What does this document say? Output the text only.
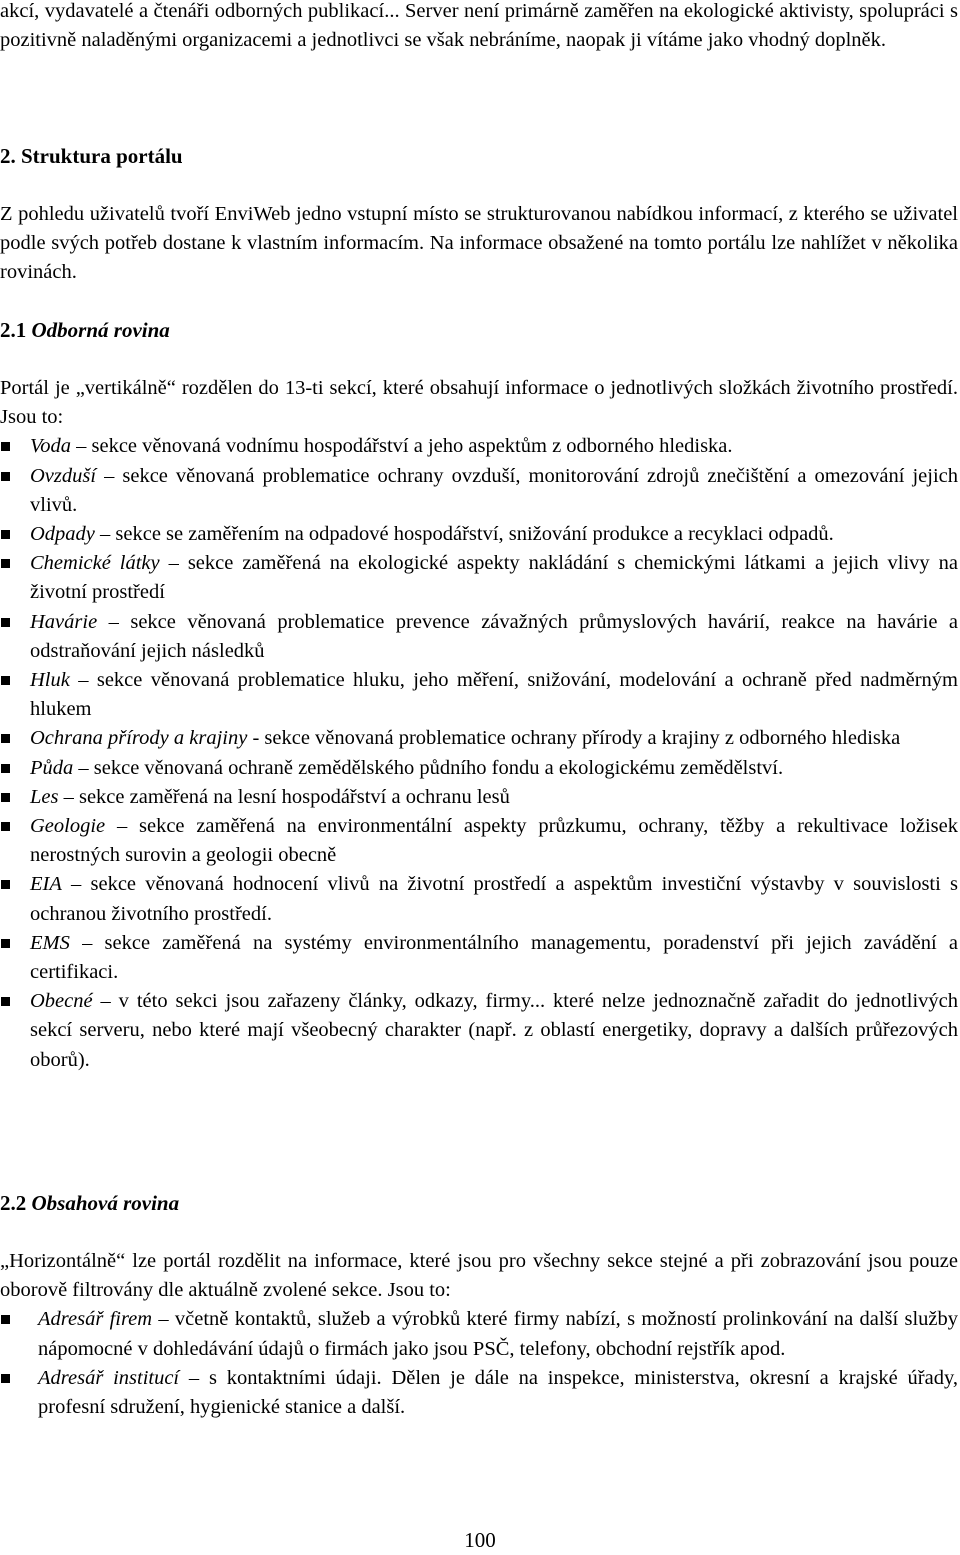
akcí, vydavatelé a čtenáři odborných publikací... Server není primárně zaměřen na ekologické aktivisty, spolupráci s pozitivně naladěnými organizacemi a jednotlivci se však nebráníme, naopak ji vítáme jako vhodný doplněk.

2. Struktura portálu

Z pohledu uživatelů tvoří EnviWeb jedno vstupní místo se strukturovanou nabídkou informací, z kterého se uživatel podle svých potřeb dostane k vlastním informacím. Na informace obsažené na tomto portálu lze nahlížet v několika rovinách.

2.1 Odborná rovina

Portál je „vertikálně“ rozdělen do 13-ti sekcí, které obsahují informace o jednotlivých složkách životního prostředí. Jsou to:

Voda – sekce věnovaná vodnímu hospodářství a jeho aspektům z odborného hlediska.
Ovzduší – sekce věnovaná problematice ochrany ovzduší, monitorování zdrojů znečištění a omezování jejich vlivů.
Odpady – sekce se zaměřením na odpadové hospodářství, snižování produkce a recyklaci odpadů.
Chemické látky – sekce zaměřená na ekologické aspekty nakládání s chemickými látkami a jejich vlivy na životní prostředí
Havárie – sekce věnovaná problematice prevence závažných průmyslových havárií, reakce na havárie a odstraňování jejich následků
Hluk – sekce věnovaná problematice hluku, jeho měření, snižování, modelování a ochraně před nadměrným hlukem
Ochrana přírody a krajiny - sekce věnovaná problematice ochrany přírody a krajiny z odborného hlediska
Půda – sekce věnovaná ochraně zemědělského půdního fondu a ekologickému zemědělství.
Les – sekce zaměřená na lesní hospodářství a ochranu lesů
Geologie – sekce zaměřená na environmentální aspekty průzkumu, ochrany, těžby a rekultivace ložisek nerostných surovin a geologii obecně
EIA – sekce věnovaná hodnocení vlivů na životní prostředí a aspektům investiční výstavby v souvislosti s ochranou životního prostředí.
EMS – sekce zaměřená na systémy environmentálního managementu, poradenství při jejich zavádění a certifikaci.
Obecné – v této sekci jsou zařazeny články, odkazy, firmy... které nelze jednoznačně zařadit do jednotlivých sekcí serveru, nebo které mají všeobecný charakter (např. z oblastí energetiky, dopravy a dalších průřezových oborů).

2.2 Obsahová rovina

„Horizontálně“ lze portál rozdělit na informace, které jsou pro všechny sekce stejné a při zobrazování jsou pouze oborově filtrovány dle aktuálně zvolené sekce. Jsou to:

Adresář firem – včetně kontaktů, služeb a výrobků které firmy nabízí, s možností prolinkování na další služby nápomocné v dohledávání údajů o firmách jako jsou PSČ, telefony, obchodní rejstřík apod.
Adresář institucí – s kontaktními údaji. Dělen je dále na inspekce, ministerstva, okresní a krajské úřady, profesní sdružení, hygienické stanice a další.
100
